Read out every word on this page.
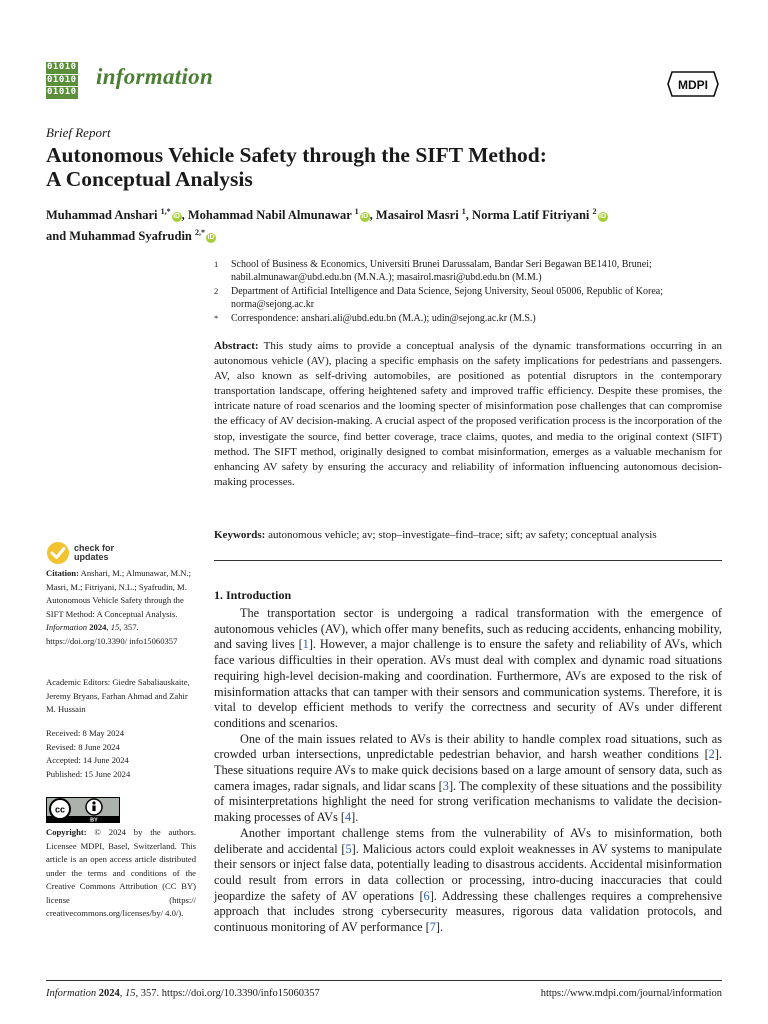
01010
01010
01010
information	MDPI
Brief Report
Autonomous Vehicle Safety through the SIFT Method:
A Conceptual Analysis
Muhammad Anshari $^{1,*}$iD , Mohammad Nabil Almunawar $^1$iD , Masairol Masri $^1$, Norma Latif Fitriyani $^2$iD
and Muhammad Syafrudin $^{2,*}$iD
1	School of Business & Economics, Universiti Brunei Darussalam, Bandar Seri Begawan BE1410, Brunei; nabil.almunawar@ubd.edu.bn (M.N.A.); masairol.masri@ubd.edu.bn (M.M.)
2	Department of Artificial Intelligence and Data Science, Sejong University, Seoul 05006, Republic of Korea; norma@sejong.ac.kr
*	Correspondence: anshari.ali@ubd.edu.bn (M.A.); udin@sejong.ac.kr (M.S.)
Abstract: This study aims to provide a conceptual analysis of the dynamic transformations occurring in an autonomous vehicle (AV), placing a specific emphasis on the safety implications for pedestrians and passengers. AV, also known as self-driving automobiles, are positioned as potential disruptors in the contemporary transportation landscape, offering heightened safety and improved traffic efficiency. Despite these promises, the intricate nature of road scenarios and the looming specter of misinformation pose challenges that can compromise the efficacy of AV decision-making. A crucial aspect of the proposed verification process is the incorporation of the stop, investigate the source, find better coverage, trace claims, quotes, and media to the original context (SIFT) method. The SIFT method, originally designed to combat misinformation, emerges as a valuable mechanism for enhancing AV safety by ensuring the accuracy and reliability of information influencing autonomous decision-making processes.
Keywords: autonomous vehicle; av; stop–investigate–find–trace; sift; av safety; conceptual analysis
1. Introduction

The transportation sector is undergoing a radical transformation with the emergence of autonomous vehicles (AV), which offer many benefits, such as reducing accidents, enhancing mobility, and saving lives [1]. However, a major challenge is to ensure the safety and reliability of AVs, which face various difficulties in their operation. AVs must deal with complex and dynamic road situations requiring high-level decision-making and coordination. Furthermore, AVs are exposed to the risk of misinformation attacks that can tamper with their sensors and communication systems. Therefore, it is vital to develop efficient methods to verify the correctness and security of AVs under different conditions and scenarios.

One of the main issues related to AVs is their ability to handle complex road situations, such as crowded urban intersections, unpredictable pedestrian behavior, and harsh weather conditions [2]. These situations require AVs to make quick decisions based on a large amount of sensory data, such as camera images, radar signals, and lidar scans [3]. The complexity of these situations and the possibility of misinterpretations highlight the need for strong verification mechanisms to validate the decision-making processes of AVs [4].

Another important challenge stems from the vulnerability of AVs to misinformation, both deliberate and accidental [5]. Malicious actors could exploit weaknesses in AV systems to manipulate their sensors or inject false data, potentially leading to disastrous accidents. Accidental misinformation could result from errors in data collection or processing, intro-ducing inaccuracies that could jeopardize the safety of AV operations [6]. Addressing these challenges requires a comprehensive approach that includes strong cybersecurity measures, rigorous data validation protocols, and continuous monitoring of AV performance [7].

check for
updates
Citation: Anshari, M.; Almunawar, M.N.; Masri, M.; Fitriyani, N.L.; Syafrudin, M. Autonomous Vehicle Safety through the SIFT Method: A Conceptual Analysis. Information 2024, 15, 357. https://doi.org/10.3390/ info15060357
Academic Editors: Giedre Sabaliauskaite, Jeremy Bryans, Farhan Ahmad and Zahir M. Hussain
Received: 8 May 2024
Revised: 8 June 2024
Accepted: 14 June 2024
Published: 15 June 2024
cc
BY
Copyright: © 2024 by the authors. Licensee MDPI, Basel, Switzerland. This article is an open access article distributed under the terms and conditions of the Creative Commons Attribution (CC BY) license (https:// creativecommons.org/licenses/by/ 4.0/).
Information 2024, 15, 357. https://doi.org/10.3390/info15060357	https://www.mdpi.com/journal/information
